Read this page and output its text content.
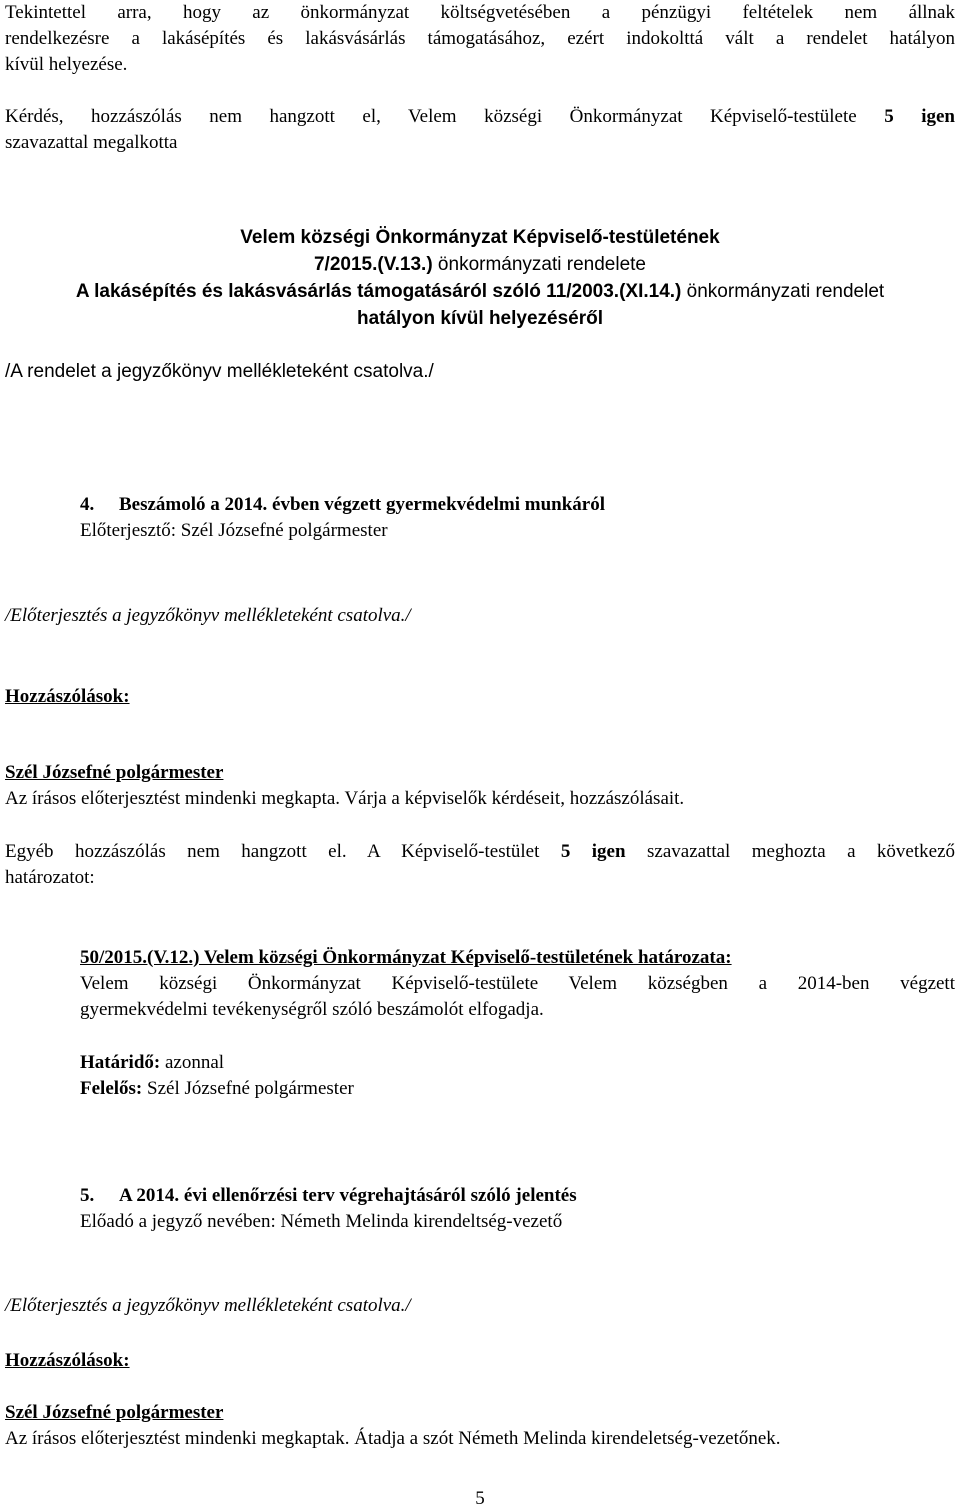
Tekintettel arra, hogy az önkormányzat költségvetésében a pénzügyi feltételek nem állnak
rendelkezésre a lakásépítés és lakásvásárlás támogatásához, ezért indokolttá vált a rendelet hatályon
kívül helyezése.
Kérdés, hozzászólás nem hangzott el, Velem községi Önkormányzat Képviselő-testülete 5 igen
szavazattal megalkotta
Velem községi Önkormányzat Képviselő-testületének
7/2015.(V.13.) önkormányzati rendelete
A lakásépítés és lakásvásárlás támogatásáról szóló 11/2003.(XI.14.) önkormányzati rendelet
hatályon kívül helyezéséről
/A rendelet a jegyzőkönyv mellékleteként csatolva./
4. Beszámoló a 2014. évben végzett gyermekvédelmi munkáról
Előterjesztő: Szél Józsefné polgármester
/Előterjesztés a jegyzőkönyv mellékleteként csatolva./
Hozzászólások:
Szél Józsefné polgármester
Az írásos előterjesztést mindenki megkapta. Várja a képviselők kérdéseit, hozzászólásait.
Egyéb hozzászólás nem hangzott el. A Képviselő-testület 5 igen szavazattal meghozta a következő
határozatot:
50/2015.(V.12.) Velem községi Önkormányzat Képviselő-testületének határozata:
Velem községi Önkormányzat Képviselő-testülete Velem községben a 2014-ben végzett
gyermekvédelmi tevékenységről szóló beszámolót elfogadja.
Határidő: azonnal
Felelős: Szél Józsefné polgármester
5. A 2014. évi ellenőrzési terv végrehajtásáról szóló jelentés
Előadó a jegyző nevében: Németh Melinda kirendeltség-vezető
/Előterjesztés a jegyzőkönyv mellékleteként csatolva./
Hozzászólások:
Szél Józsefné polgármester
Az írásos előterjesztést mindenki megkaptak. Átadja a szót Németh Melinda kirendeletség-vezetőnek.
5
